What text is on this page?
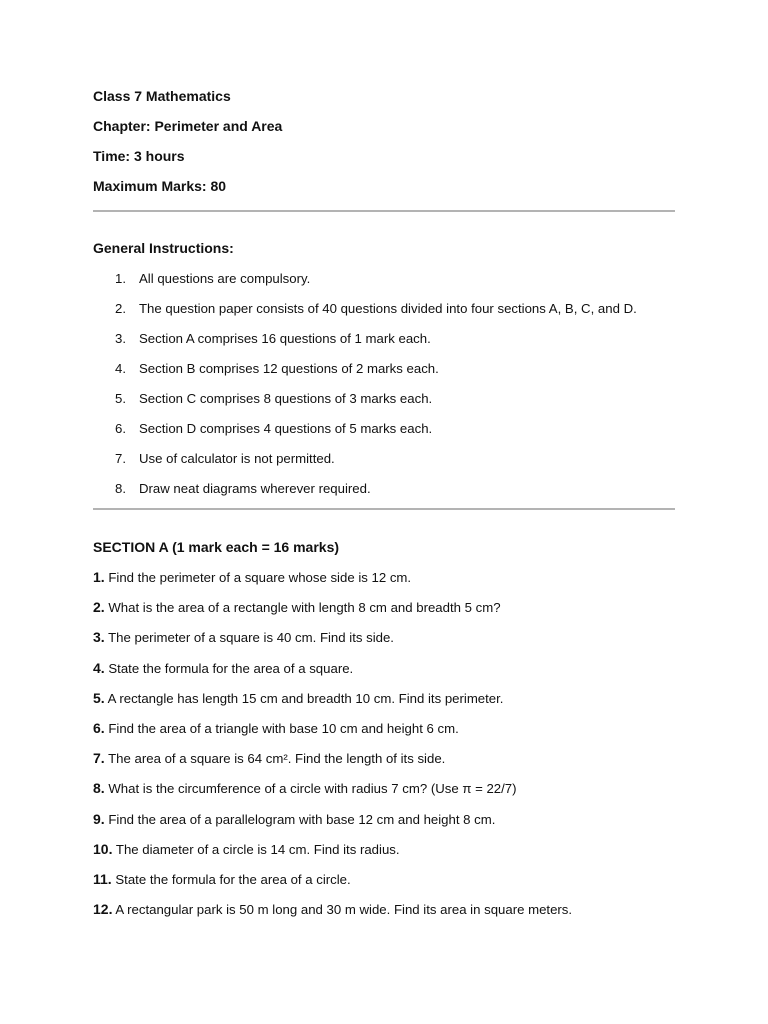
Class 7 Mathematics
Chapter: Perimeter and Area
Time: 3 hours
Maximum Marks: 80
General Instructions:
1. All questions are compulsory.
2. The question paper consists of 40 questions divided into four sections A, B, C, and D.
3. Section A comprises 16 questions of 1 mark each.
4. Section B comprises 12 questions of 2 marks each.
5. Section C comprises 8 questions of 3 marks each.
6. Section D comprises 4 questions of 5 marks each.
7. Use of calculator is not permitted.
8. Draw neat diagrams wherever required.
SECTION A (1 mark each = 16 marks)
1. Find the perimeter of a square whose side is 12 cm.
2. What is the area of a rectangle with length 8 cm and breadth 5 cm?
3. The perimeter of a square is 40 cm. Find its side.
4. State the formula for the area of a square.
5. A rectangle has length 15 cm and breadth 10 cm. Find its perimeter.
6. Find the area of a triangle with base 10 cm and height 6 cm.
7. The area of a square is 64 cm². Find the length of its side.
8. What is the circumference of a circle with radius 7 cm? (Use π = 22/7)
9. Find the area of a parallelogram with base 12 cm and height 8 cm.
10. The diameter of a circle is 14 cm. Find its radius.
11. State the formula for the area of a circle.
12. A rectangular park is 50 m long and 30 m wide. Find its area in square meters.
